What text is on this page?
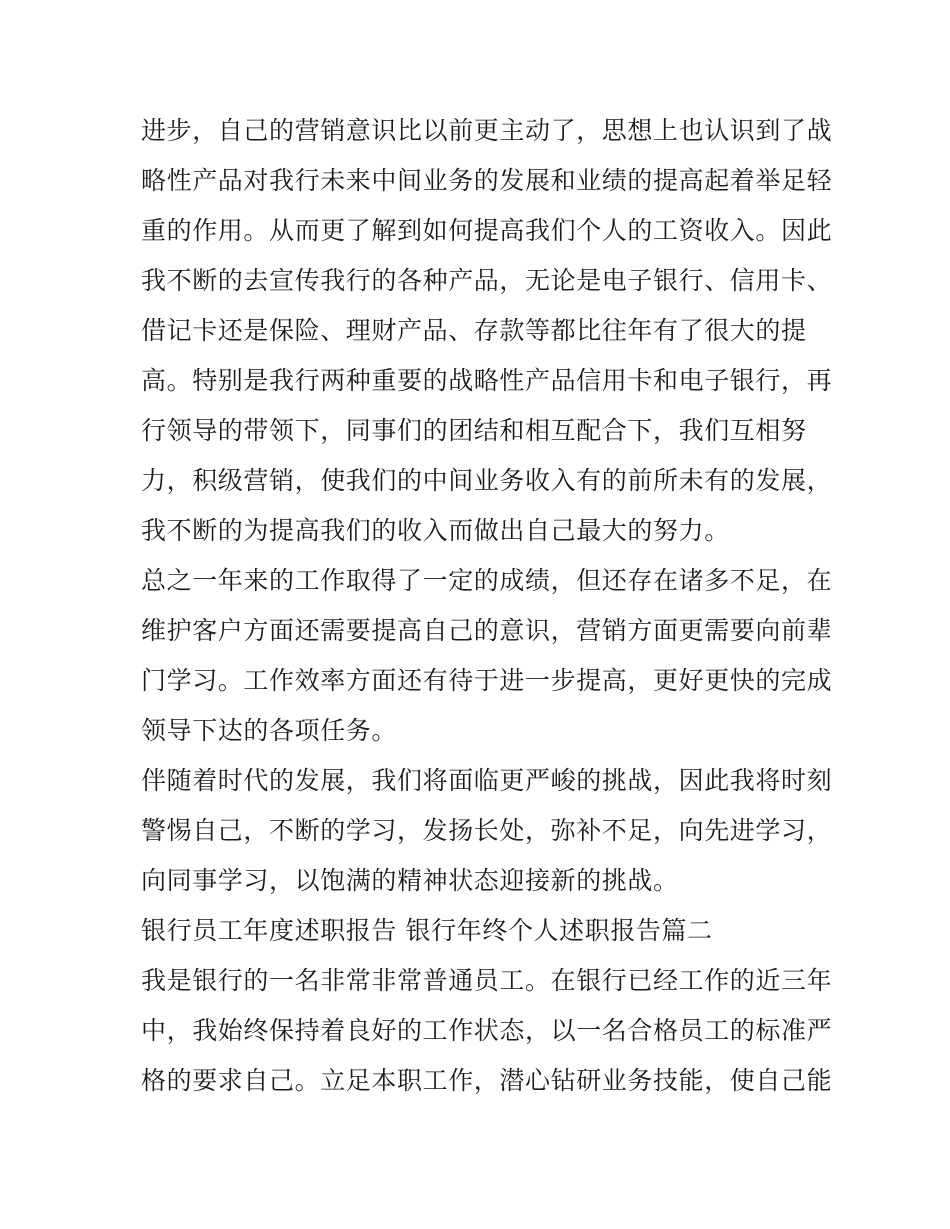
进步，自己的营销意识比以前更主动了，思想上也认识到了战
略性产品对我行未来中间业务的发展和业绩的提高起着举足轻
重的作用。从而更了解到如何提高我们个人的工资收入。因此
我不断的去宣传我行的各种产品，无论是电子银行、信用卡、
借记卡还是保险、理财产品、存款等都比往年有了很大的提
高。特别是我行两种重要的战略性产品信用卡和电子银行，再
行领导的带领下，同事们的团结和相互配合下，我们互相努
力，积级营销，使我们的中间业务收入有的前所未有的发展，
我不断的为提高我们的收入而做出自己最大的努力。
总之一年来的工作取得了一定的成绩，但还存在诸多不足，在
维护客户方面还需要提高自己的意识，营销方面更需要向前辈
门学习。工作效率方面还有待于进一步提高，更好更快的完成
领导下达的各项任务。
伴随着时代的发展，我们将面临更严峻的挑战，因此我将时刻
警惕自己，不断的学习，发扬长处，弥补不足，向先进学习，
向同事学习，以饱满的精神状态迎接新的挑战。
银行员工年度述职报告 银行年终个人述职报告篇二
我是银行的一名非常非常普通员工。在银行已经工作的近三年
中，我始终保持着良好的工作状态，以一名合格员工的标准严
格的要求自己。立足本职工作，潜心钻研业务技能，使自己能
